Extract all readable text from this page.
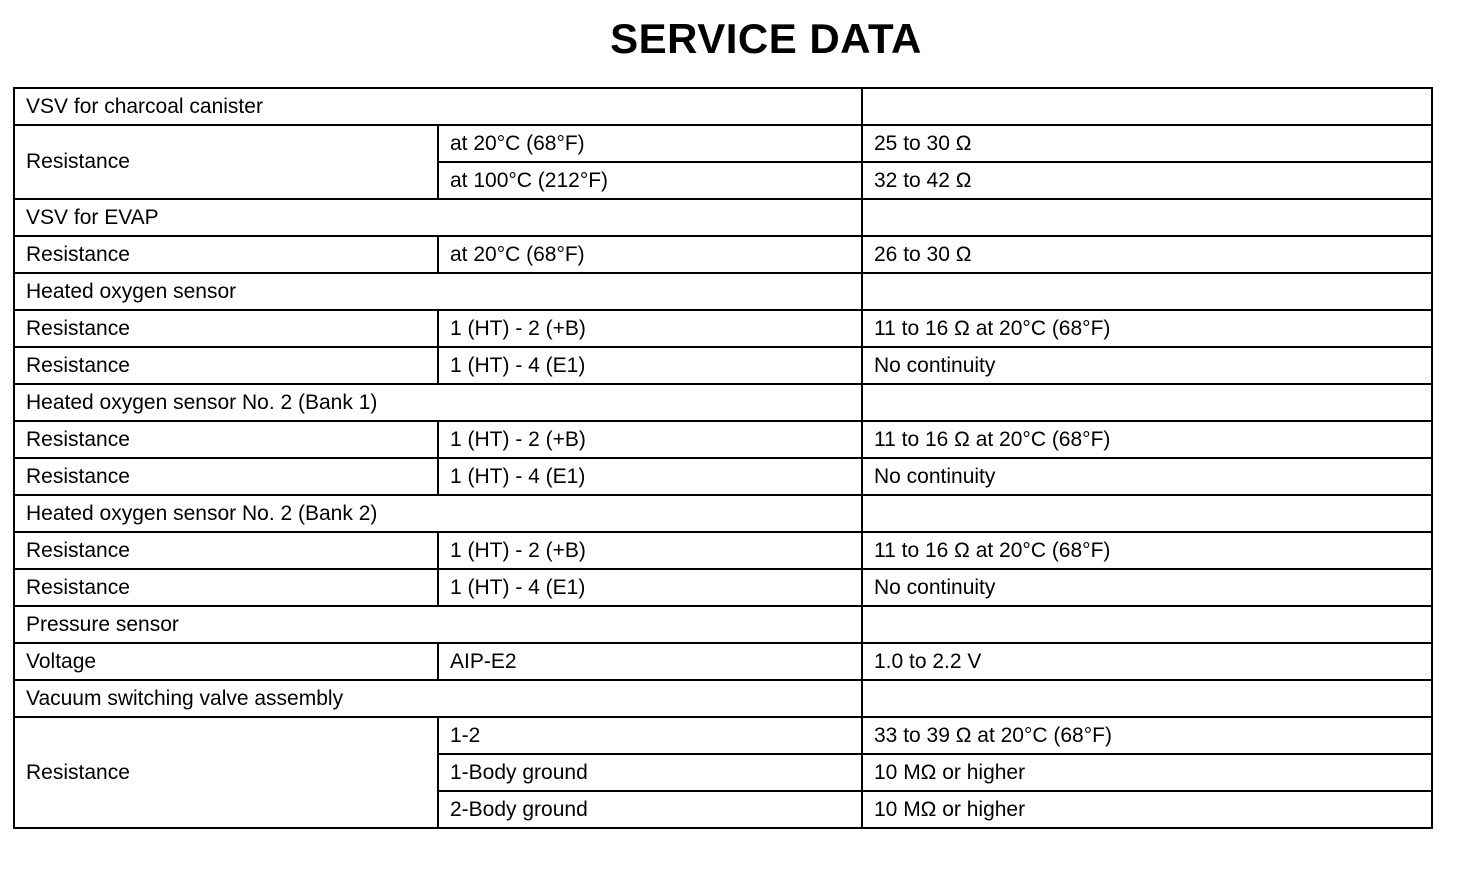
SERVICE DATA
VSV for charcoal canister		
Resistance	at 20°C (68°F)	25 to 30 Ω
	at 100°C (212°F)	32 to 42 Ω
VSV for EVAP		
Resistance	at 20°C (68°F)	26 to 30 Ω
Heated oxygen sensor		
Resistance	1 (HT) - 2 (+B)	11 to 16 Ω at 20°C (68°F)
Resistance	1 (HT) - 4 (E1)	No continuity
Heated oxygen sensor No. 2 (Bank 1)		
Resistance	1 (HT) - 2 (+B)	11 to 16 Ω at 20°C (68°F)
Resistance	1 (HT) - 4 (E1)	No continuity
Heated oxygen sensor No. 2 (Bank 2)		
Resistance	1 (HT) - 2 (+B)	11 to 16 Ω at 20°C (68°F)
Resistance	1 (HT) - 4 (E1)	No continuity
Pressure sensor		
Voltage	AIP-E2	1.0 to 2.2 V
Vacuum switching valve assembly		
Resistance	1-2	33 to 39 Ω at 20°C (68°F)
	1-Body ground	10 MΩ or higher
	2-Body ground	10 MΩ or higher
